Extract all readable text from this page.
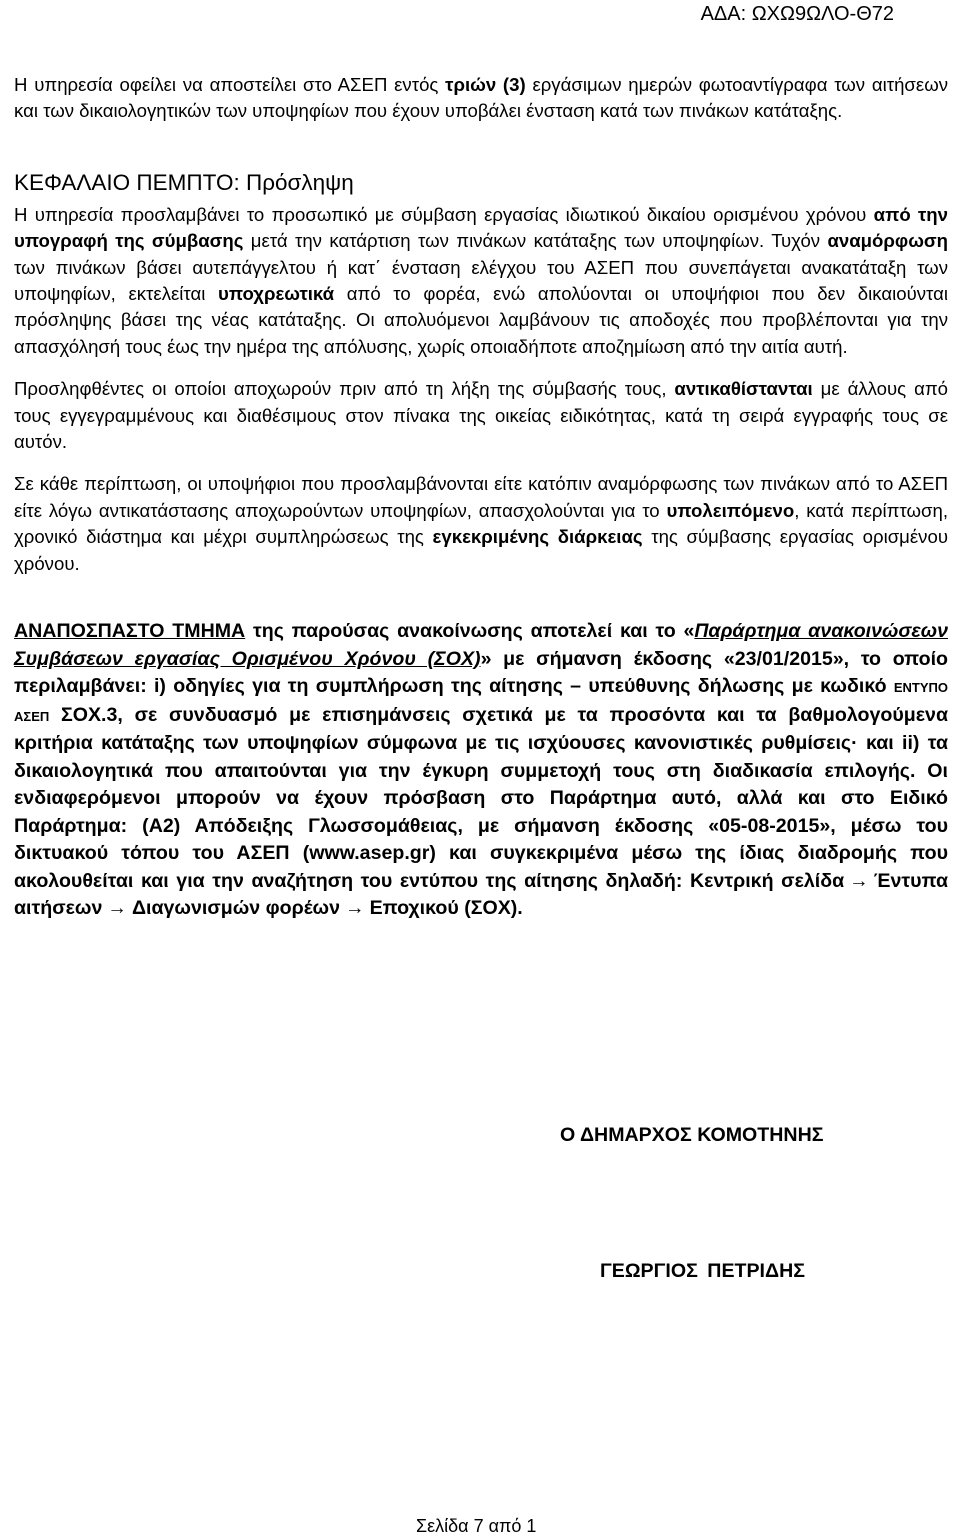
ΑΔΑ: ΩΧΩ9ΩΛΟ-Θ72

Η υπηρεσία οφείλει να αποστείλει στο ΑΣΕΠ εντός τριών (3) εργάσιμων ημερών φωτοαντίγραφα των αιτήσεων και των δικαιολογητικών των υποψηφίων που έχουν υποβάλει ένσταση κατά των πινάκων κατάταξης.

ΚΕΦΑΛΑΙΟ ΠΕΜΠΤΟ: Πρόσληψη

Η υπηρεσία προσλαμβάνει το προσωπικό με σύμβαση εργασίας ιδιωτικού δικαίου ορισμένου χρόνου από την υπογραφή της σύμβασης μετά την κατάρτιση των πινάκων κατάταξης των υποψηφίων. Τυχόν αναμόρφωση των πινάκων βάσει αυτεπάγγελτου ή κατ΄ ένσταση ελέγχου του ΑΣΕΠ που συνεπάγεται ανακατάταξη των υποψηφίων, εκτελείται υποχρεωτικά από το φορέα, ενώ απολύονται οι υποψήφιοι που δεν δικαιούνται πρόσληψης βάσει της νέας κατάταξης. Οι απολυόμενοι λαμβάνουν τις αποδοχές που προβλέπονται για την απασχόλησή τους έως την ημέρα της απόλυσης, χωρίς οποιαδήποτε αποζημίωση από την αιτία αυτή.

Προσληφθέντες οι οποίοι αποχωρούν πριν από τη λήξη της σύμβασής τους, αντικαθίστανται με άλλους από τους εγγεγραμμένους και διαθέσιμους στον πίνακα της οικείας ειδικότητας, κατά τη σειρά εγγραφής τους σε αυτόν.

Σε κάθε περίπτωση, οι υποψήφιοι που προσλαμβάνονται είτε κατόπιν αναμόρφωσης των πινάκων από το ΑΣΕΠ είτε λόγω αντικατάστασης αποχωρούντων υποψηφίων, απασχολούνται για το υπολειπόμενο, κατά περίπτωση, χρονικό διάστημα και μέχρι συμπληρώσεως της εγκεκριμένης διάρκειας της σύμβασης εργασίας ορισμένου χρόνου.

ΑΝΑΠΟΣΠΑΣΤΟ ΤΜΗΜΑ της παρούσας ανακοίνωσης αποτελεί και το «Παράρτημα ανακοινώσεων Συμβάσεων εργασίας Ορισμένου Χρόνου (ΣΟΧ)» με σήμανση έκδοσης «23/01/2015», το οποίο περιλαμβάνει: i) οδηγίες για τη συμπλήρωση της αίτησης – υπεύθυνης δήλωσης με κωδικό ΕΝΤΥΠΟ ΑΣΕΠ ΣΟΧ.3, σε συνδυασμό με επισημάνσεις σχετικά με τα προσόντα και τα βαθμολογούμενα κριτήρια κατάταξης των υποψηφίων σύμφωνα με τις ισχύουσες κανονιστικές ρυθμίσεις· και ii) τα δικαιολογητικά που απαιτούνται για την έγκυρη συμμετοχή τους στη διαδικασία επιλογής. Οι ενδιαφερόμενοι μπορούν να έχουν πρόσβαση στο Παράρτημα αυτό, αλλά και στο Ειδικό Παράρτημα: (Α2) Απόδειξης Γλωσσομάθειας, με σήμανση έκδοσης «05-08-2015», μέσω του δικτυακού τόπου του ΑΣΕΠ (www.asep.gr) και συγκεκριμένα μέσω της ίδιας διαδρομής που ακολουθείται και για την αναζήτηση του εντύπου της αίτησης δηλαδή: Κεντρική σελίδα → Έντυπα αιτήσεων → Διαγωνισμών φορέων → Εποχικού (ΣΟΧ).

Ο ΔΗΜΑΡΧΟΣ ΚΟΜΟΤΗΝΗΣ
ΓΕΩΡΓΙΟΣ ΠΕΤΡΙΔΗΣ
Σελίδα 7 από 1
